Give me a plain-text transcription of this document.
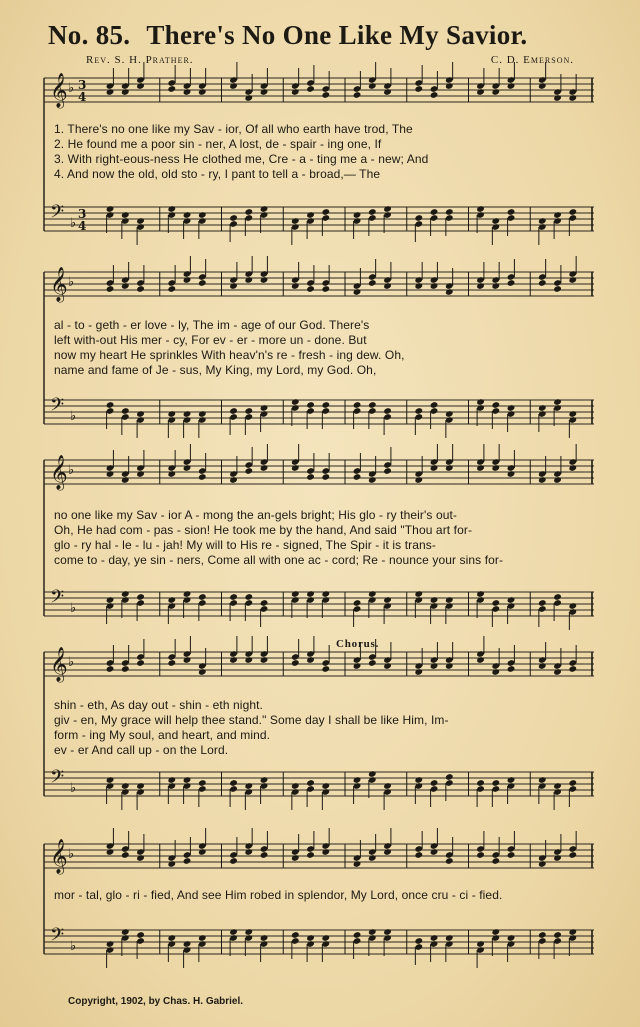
No. 85. There's No One Like My Savior.
Rev. S. H. Prather.	C. D. Emerson.
𝄞 ♭ 3
4
𝄢 ♭
3
4
1. There's no one like my Sav - ior, Of all who earth have trod, The
2. He found me a poor sin - ner, A lost, de - spair - ing one, If
3. With right-eous-ness He clothed me, Cre - a - ting me a - new; And
4. And now the old, old sto - ry, I pant to tell a - broad,— The
𝄞 ♭
𝄢 ♭
al - to - geth - er love - ly, The im - age of our God. There's
left with-out His mer - cy, For ev - er - more un - done. But
now my heart He sprinkles With heav'n's re - fresh - ing dew. Oh,
name and fame of Je - sus, My King, my Lord, my God. Oh,
𝄞 ♭
𝄢 ♭
no one like my Sav - ior A - mong the an-gels bright; His glo - ry their's out-
Oh, He had com - pas - sion! He took me by the hand, And said "Thou art for-
glo - ry hal - le - lu - jah! My will to His re - signed, The Spir - it is trans-
come to - day, ye sin - ners, Come all with one ac - cord; Re - nounce your sins for-
𝄞 ♭
𝄢 ♭
Chorus.
shin - eth, As day out - shin - eth night.
giv - en, My grace will help thee stand." Some day I shall be like Him, Im-
form - ing My soul, and heart, and mind.
ev - er And call up - on the Lord.
𝄞 ♭
𝄢 ♭
mor - tal, glo - ri - fied, And see Him robed in splendor, My Lord, once cru - ci - fied.
Copyright, 1902, by Chas. H. Gabriel.
